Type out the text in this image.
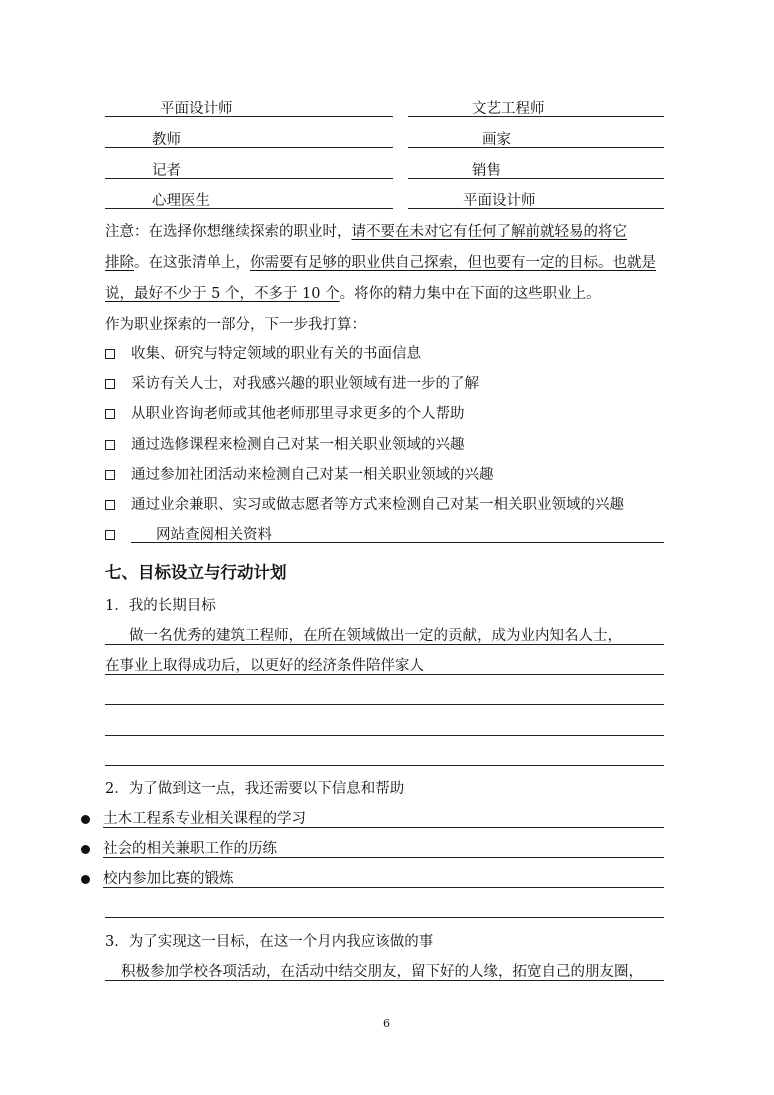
平面设计师	文艺工程师
教师	画家
记者	销售
心理医生	平面设计师
注意：在选择你想继续探索的职业时，请不要在未对它有任何了解前就轻易的将它
排除。在这张清单上，你需要有足够的职业供自己探索，但也要有一定的目标。也就是
说，最好不少于 5 个，不多于 10 个。将你的精力集中在下面的这些职业上。
作为职业探索的一部分，下一步我打算：
收集、研究与特定领域的职业有关的书面信息
采访有关人士，对我感兴趣的职业领域有进一步的了解
从职业咨询老师或其他老师那里寻求更多的个人帮助
通过选修课程来检测自己对某一相关职业领域的兴趣
通过参加社团活动来检测自己对某一相关职业领域的兴趣
通过业余兼职、实习或做志愿者等方式来检测自己对某一相关职业领域的兴趣
网站查阅相关资料
七、目标设立与行动计划
1．我的长期目标
做一名优秀的建筑工程师，在所在领域做出一定的贡献，成为业内知名人士，
在事业上取得成功后，以更好的经济条件陪伴家人
2．为了做到这一点，我还需要以下信息和帮助
土木工程系专业相关课程的学习
社会的相关兼职工作的历练
校内参加比赛的锻炼
3．为了实现这一目标，在这一个月内我应该做的事
积极参加学校各项活动，在活动中结交朋友，留下好的人缘，拓宽自己的朋友圈，
6
